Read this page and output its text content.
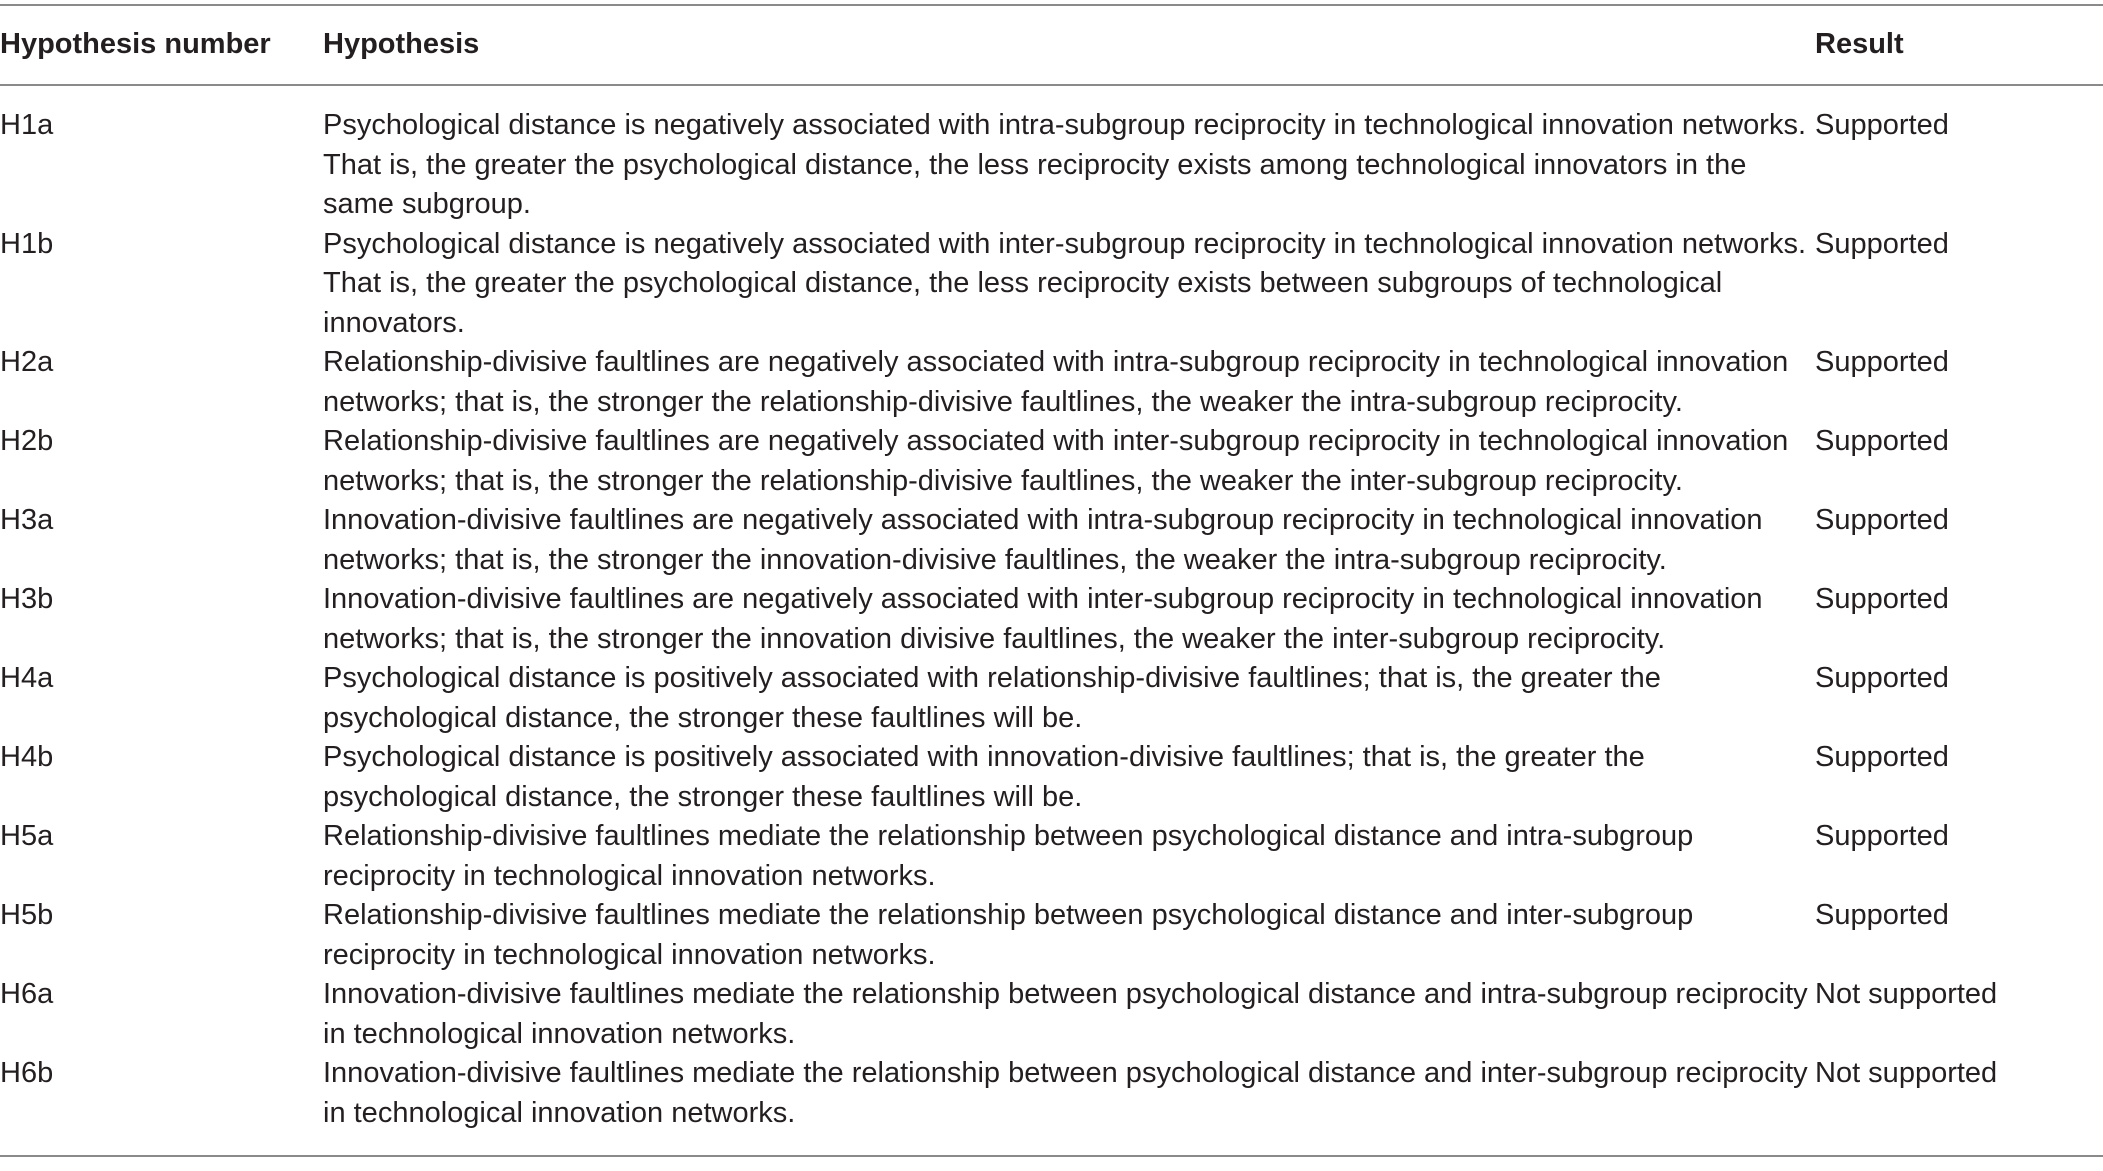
Hypothesis number	Hypothesis	Result
H1a	Psychological distance is negatively associated with intra-subgroup reciprocity in technological innovation networks. That is, the greater the psychological distance, the less reciprocity exists among technological innovators in the same subgroup.	Supported
H1b	Psychological distance is negatively associated with inter-subgroup reciprocity in technological innovation networks. That is, the greater the psychological distance, the less reciprocity exists between subgroups of technological innovators.	Supported
H2a	Relationship-divisive faultlines are negatively associated with intra-subgroup reciprocity in technological innovation networks; that is, the stronger the relationship-divisive faultlines, the weaker the intra-subgroup reciprocity.	Supported
H2b	Relationship-divisive faultlines are negatively associated with inter-subgroup reciprocity in technological innovation networks; that is, the stronger the relationship-divisive faultlines, the weaker the inter-subgroup reciprocity.	Supported
H3a	Innovation-divisive faultlines are negatively associated with intra-subgroup reciprocity in technological innovation networks; that is, the stronger the innovation-divisive faultlines, the weaker the intra-subgroup reciprocity.	Supported
H3b	Innovation-divisive faultlines are negatively associated with inter-subgroup reciprocity in technological innovation networks; that is, the stronger the innovation divisive faultlines, the weaker the inter-subgroup reciprocity.	Supported
H4a	Psychological distance is positively associated with relationship-divisive faultlines; that is, the greater the psychological distance, the stronger these faultlines will be.	Supported
H4b	Psychological distance is positively associated with innovation-divisive faultlines; that is, the greater the psychological distance, the stronger these faultlines will be.	Supported
H5a	Relationship-divisive faultlines mediate the relationship between psychological distance and intra-subgroup reciprocity in technological innovation networks.	Supported
H5b	Relationship-divisive faultlines mediate the relationship between psychological distance and inter-subgroup reciprocity in technological innovation networks.	Supported
H6a	Innovation-divisive faultlines mediate the relationship between psychological distance and intra-subgroup reciprocity in technological innovation networks.	Not supported
H6b	Innovation-divisive faultlines mediate the relationship between psychological distance and inter-subgroup reciprocity in technological innovation networks.	Not supported
